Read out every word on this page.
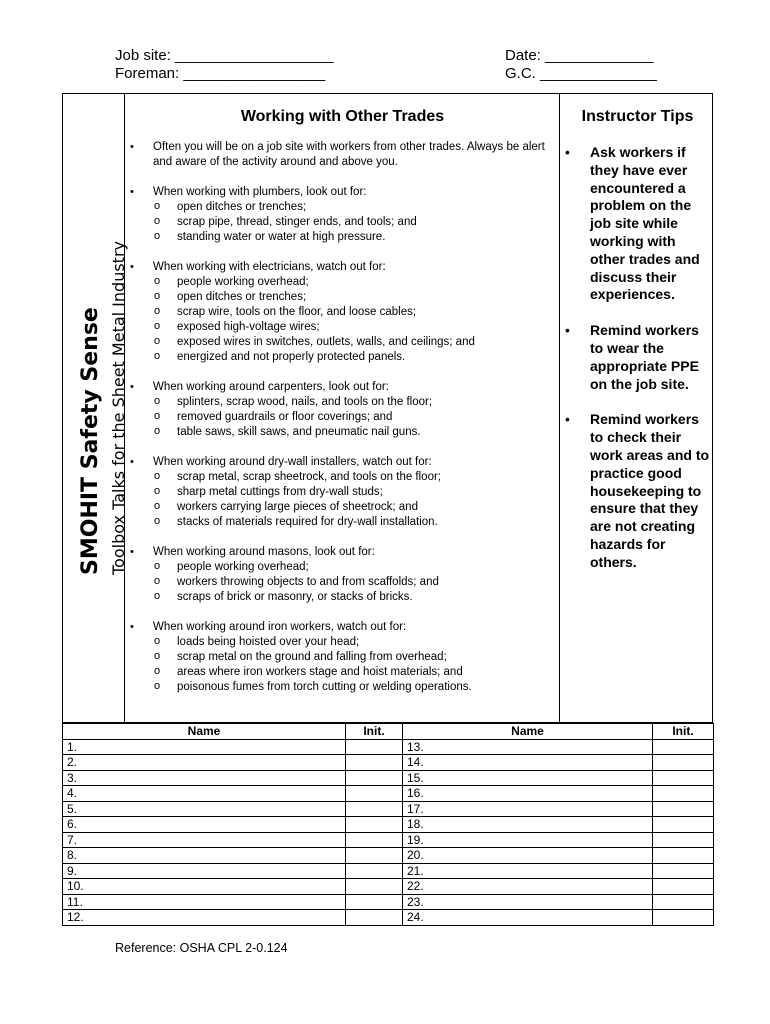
Job site: ___________________
Foreman: _________________
Date: _____________
G.C. ______________
SMOHIT Safety Sense Toolbox Talks for the Sheet Metal Industry
Working with Other Trades
• Often you will be on a job site with workers from other trades. Always be alert and aware of the activity around and above you.
• When working with plumbers, look out for:
o open ditches or trenches;
o scrap pipe, thread, stinger ends, and tools; and
o standing water or water at high pressure.
• When working with electricians, watch out for:
o people working overhead;
o open ditches or trenches;
o scrap wire, tools on the floor, and loose cables;
o exposed high-voltage wires;
o exposed wires in switches, outlets, walls, and ceilings; and
o energized and not properly protected panels.
• When working around carpenters, look out for:
o splinters, scrap wood, nails, and tools on the floor;
o removed guardrails or floor coverings; and
o table saws, skill saws, and pneumatic nail guns.
• When working around dry-wall installers, watch out for:
o scrap metal, scrap sheetrock, and tools on the floor;
o sharp metal cuttings from dry-wall studs;
o workers carrying large pieces of sheetrock; and
o stacks of materials required for dry-wall installation.
• When working around masons, look out for:
o people working overhead;
o workers throwing objects to and from scaffolds; and
o scraps of brick or masonry, or stacks of bricks.
• When working around iron workers, watch out for:
o loads being hoisted over your head;
o scrap metal on the ground and falling from overhead;
o areas where iron workers stage and hoist materials; and
o poisonous fumes from torch cutting or welding operations.
Instructor Tips
• Ask workers if they have ever encountered a problem on the job site while working with other trades and discuss their experiences.
• Remind workers to wear the appropriate PPE on the job site.
• Remind workers to check their work areas and to practice good housekeeping to ensure that they are not creating hazards for others.
Name	Init.	Name	Init.
1.		13.	
2.		14.	
3.		15.	
4.		16.	
5.		17.	
6.		18.	
7.		19.	
8.		20.	
9.		21.	
10.		22.	
11.		23.	
12.		24.	
Reference: OSHA CPL 2-0.124
